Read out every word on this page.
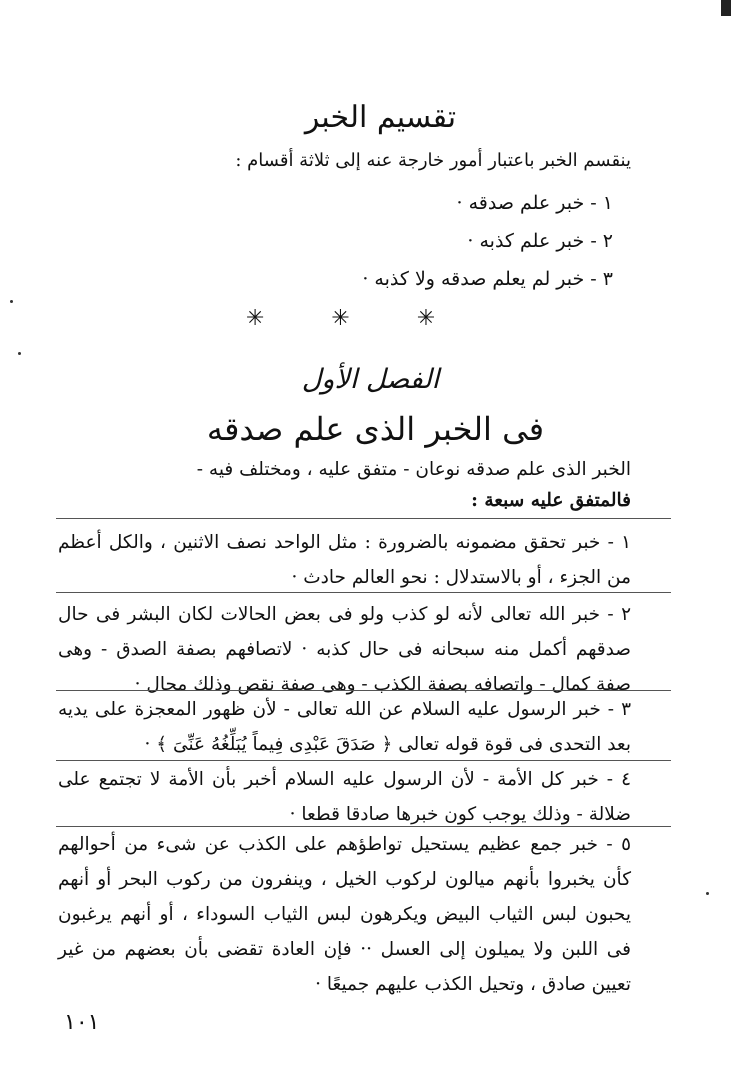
تقسيم الخبر
ينقسم الخبر باعتبار أمور خارجة عنه إلى ثلاثة أقسام :
١ - خبر علم صدقه ·
٢ - خبر علم كذبه ·
٣ - خبر لم يعلم صدقه ولا كذبه ·
✳ ✳ ✳
الفصل الأول
فى الخبر الذى علم صدقه
الخبر الذى علم صدقه نوعان - متفق عليه ، ومختلف فيه -
فالمتفق عليه سبعة :
١ - خبر تحقق مضمونه بالضرورة : مثل الواحد نصف الاثنين ، والكل أعظم من الجزء ، أو بالاستدلال : نحو العالم حادث ·
٢ - خبر الله تعالى لأنه لو كذب ولو فى بعض الحالات لكان البشر فى حال صدقهم أكمل منه سبحانه فى حال كذبه · لاتصافهم بصفة الصدق - وهى صفة كمال - واتصافه بصفة الكذب - وهى صفة نقص وذلك محال ·
٣ - خبر الرسول عليه السلام عن الله تعالى - لأن ظهور المعجزة على يديه بعد التحدى فى قوة قوله تعالى ﴿ صَدَقَ عَبْدِى فِيماً يُبَلِّغُهُ عَنِّىَ ﴾ ·
٤ - خبر كل الأمة - لأن الرسول عليه السلام أخبر بأن الأمة لا تجتمع على ضلالة - وذلك يوجب كون خبرها صادقا قطعا ·
٥ - خبر جمع عظيم يستحيل تواطؤهم على الكذب عن شىء من أحوالهم كأن يخبروا بأنهم ميالون لركوب الخيل ، وينفرون من ركوب البحر أو أنهم يحبون لبس الثياب البيض ويكرهون لبس الثياب السوداء ، أو أنهم يرغبون فى اللبن ولا يميلون إلى العسل ·· فإن العادة تقضى بأن بعضهم من غير تعيين صادق ، وتحيل الكذب عليهم جميعًا ·
١٠١
